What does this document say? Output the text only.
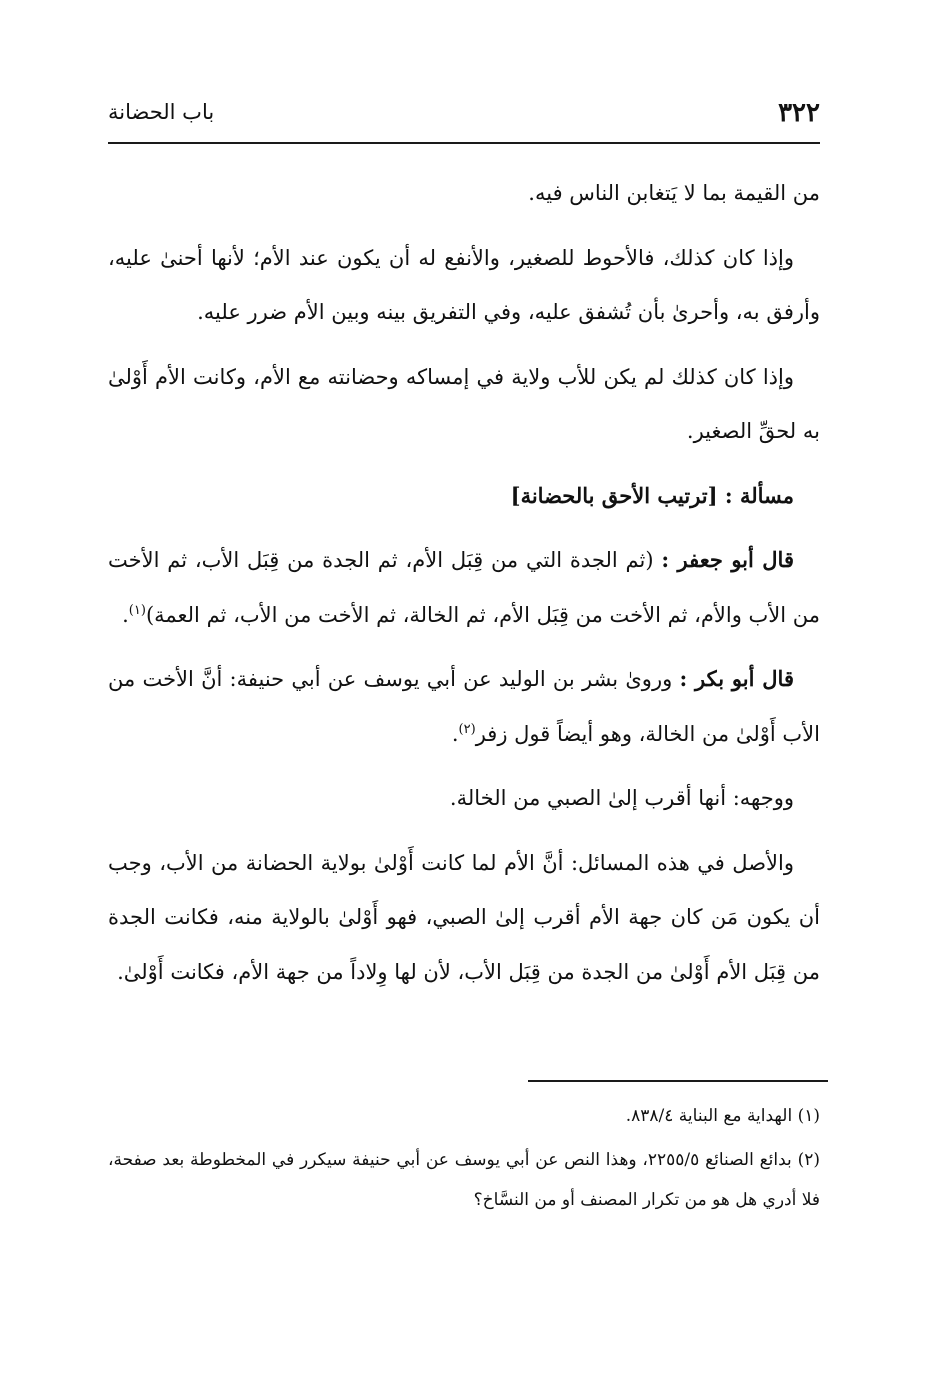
٣٢٢
باب الحضانة

من القيمة بما لا يَتغابن الناس فيه.

وإذا كان كذلك، فالأحوط للصغير، والأنفع له أن يكون عند الأم؛ لأنها أحنىٰ عليه، وأرفق به، وأحرىٰ بأن تُشفق عليه، وفي التفريق بينه وبين الأم ضرر عليه.

وإذا كان كذلك لم يكن للأب ولاية في إمساكه وحضانته مع الأم، وكانت الأم أَوْلىٰ به لحقِّ الصغير.

مسألة : [ترتيب الأحق بالحضانة]

قال أبو جعفر : (ثم الجدة التي من قِبَل الأم، ثم الجدة من قِبَل الأب، ثم الأخت من الأب والأم، ثم الأخت من قِبَل الأم، ثم الخالة، ثم الأخت من الأب، ثم العمة)$^{(١)}$.

قال أبو بكر : وروىٰ بشر بن الوليد عن أبي يوسف عن أبي حنيفة: أنَّ الأخت من الأب أَوْلىٰ من الخالة، وهو أيضاً قول زفر$^{(٢)}$.

ووجهه: أنها أقرب إلىٰ الصبي من الخالة.

والأصل في هذه المسائل: أنَّ الأم لما كانت أَوْلىٰ بولاية الحضانة من الأب، وجب أن يكون مَن كان جهة الأم أقرب إلىٰ الصبي، فهو أَوْلىٰ بالولاية منه، فكانت الجدة من قِبَل الأم أَوْلىٰ من الجدة من قِبَل الأب، لأن لها وِلاداً من جهة الأم، فكانت أَوْلىٰ.

(١) الهداية مع البناية ٨٣٨/٤.

(٢) بدائع الصنائع ٢٢٥٥/٥، وهذا النص عن أبي يوسف عن أبي حنيفة سيكرر في المخطوطة بعد صفحة، فلا أدري هل هو من تكرار المصنف أو من النسَّاخ؟
